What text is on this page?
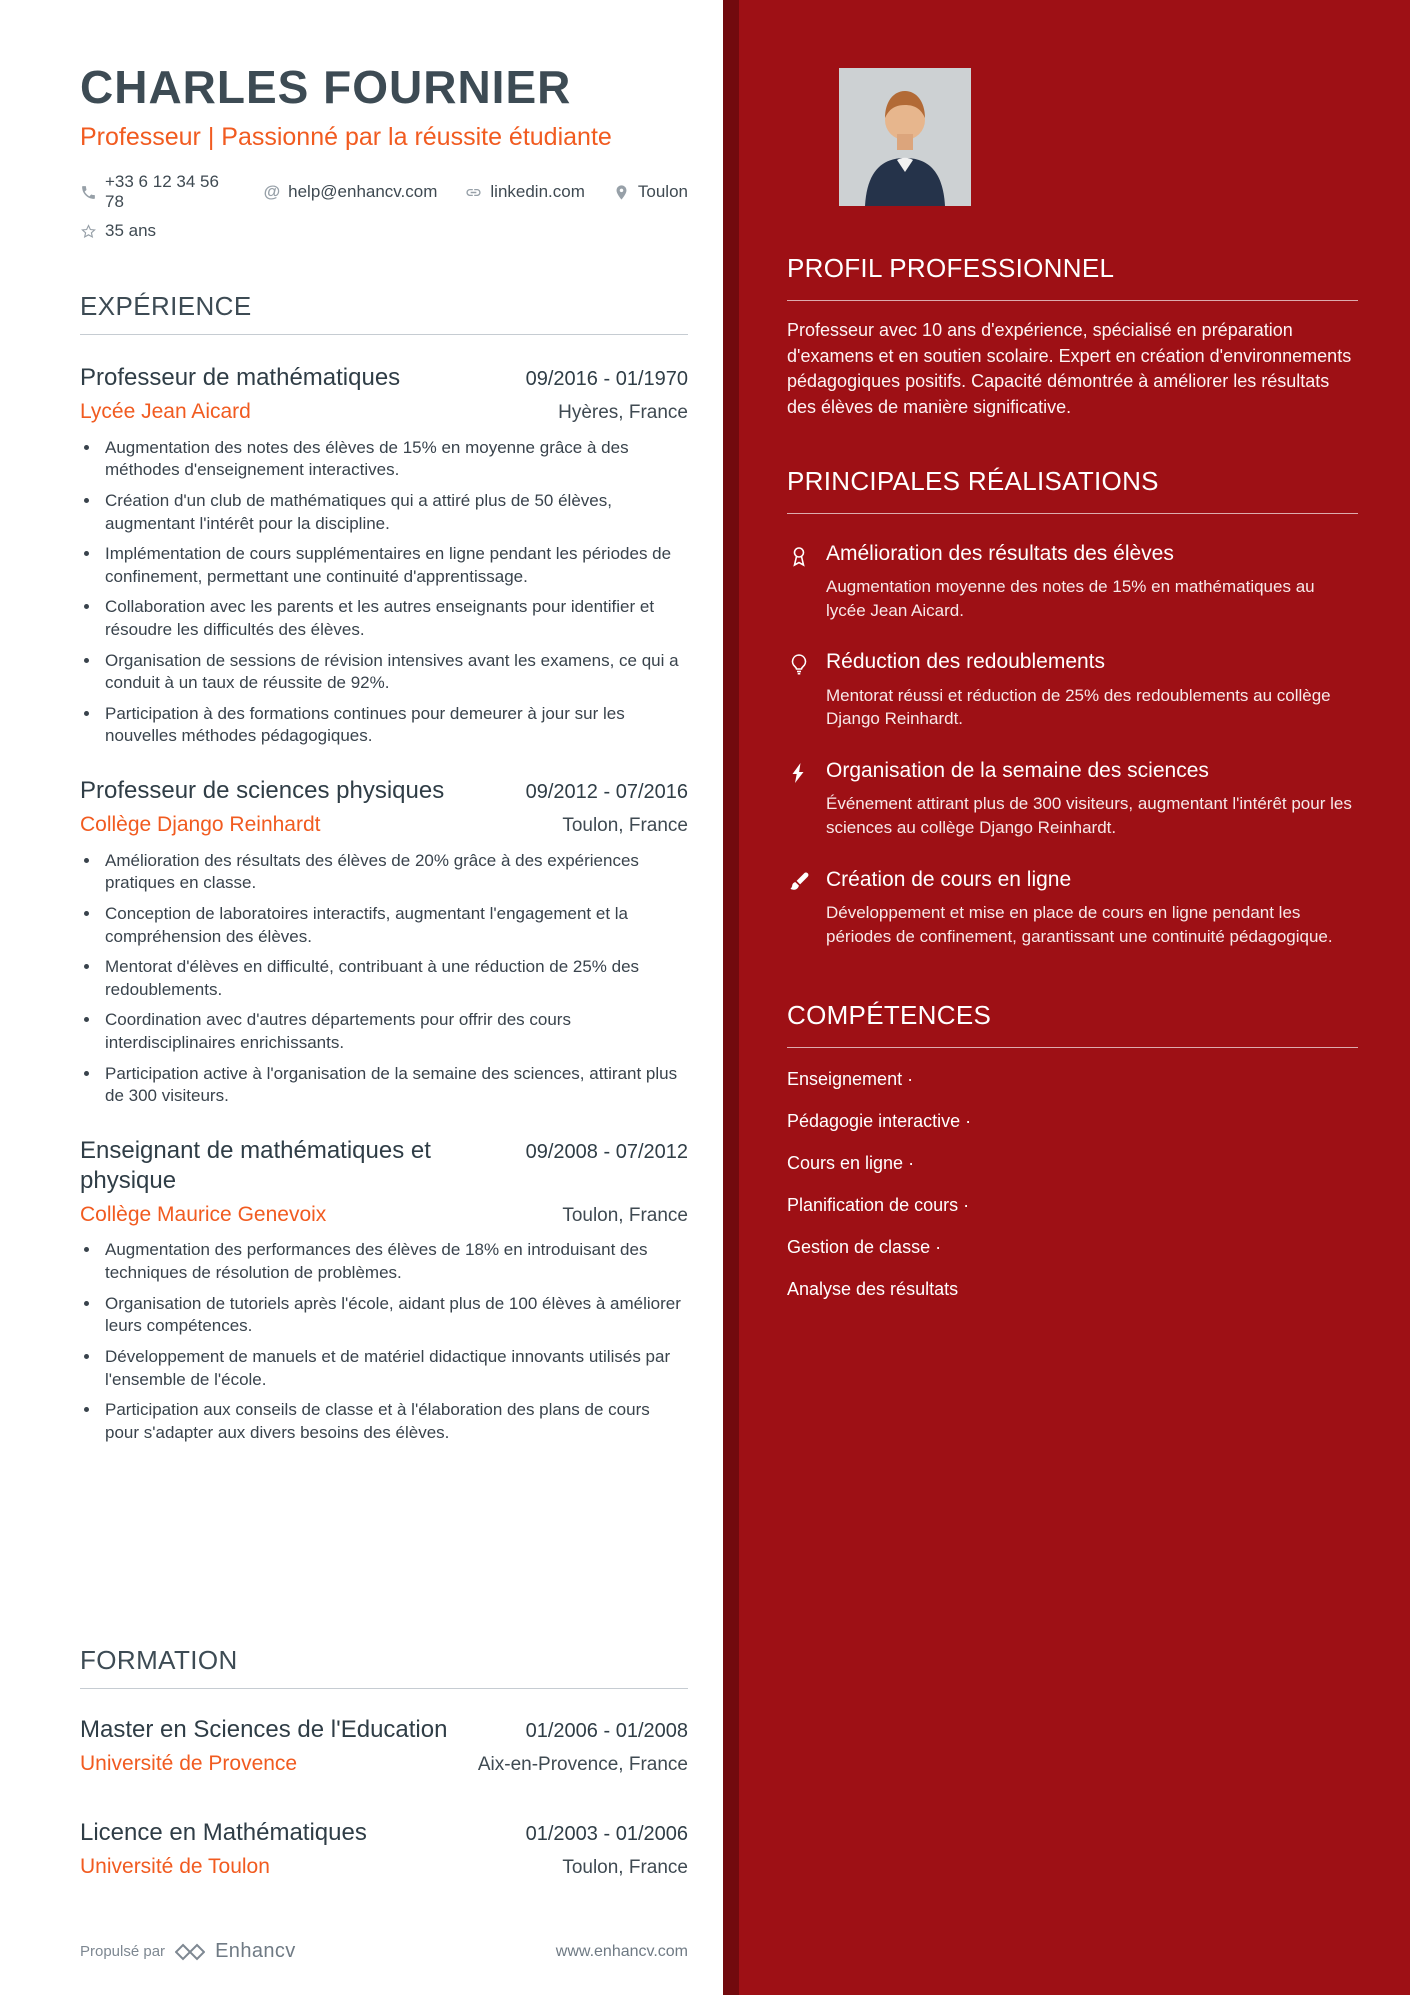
CHARLES FOURNIER
Professeur | Passionné par la réussite étudiante
+33 6 12 34 56 78
@ help@enhancv.com	linkedin.com	Toulon
35 ans
EXPÉRIENCE
Professeur de mathématiques	09/2016 - 01/1970
Lycée Jean Aicard	Hyères, France
• Augmentation des notes des élèves de 15% en moyenne grâce à des méthodes d'enseignement interactives.
• Création d'un club de mathématiques qui a attiré plus de 50 élèves, augmentant l'intérêt pour la discipline.
• Implémentation de cours supplémentaires en ligne pendant les périodes de confinement, permettant une continuité d'apprentissage.
• Collaboration avec les parents et les autres enseignants pour identifier et résoudre les difficultés des élèves.
• Organisation de sessions de révision intensives avant les examens, ce qui a conduit à un taux de réussite de 92%.
• Participation à des formations continues pour demeurer à jour sur les nouvelles méthodes pédagogiques.
Professeur de sciences physiques	09/2012 - 07/2016
Collège Django Reinhardt	Toulon, France
• Amélioration des résultats des élèves de 20% grâce à des expériences pratiques en classe.
• Conception de laboratoires interactifs, augmentant l'engagement et la compréhension des élèves.
• Mentorat d'élèves en difficulté, contribuant à une réduction de 25% des redoublements.
• Coordination avec d'autres départements pour offrir des cours interdisciplinaires enrichissants.
• Participation active à l'organisation de la semaine des sciences, attirant plus de 300 visiteurs.
Enseignant de mathématiques et physique
09/2008 - 07/2012
Collège Maurice Genevoix	Toulon, France
• Augmentation des performances des élèves de 18% en introduisant des techniques de résolution de problèmes.
• Organisation de tutoriels après l'école, aidant plus de 100 élèves à améliorer leurs compétences.
• Développement de manuels et de matériel didactique innovants utilisés par l'ensemble de l'école.
• Participation aux conseils de classe et à l'élaboration des plans de cours pour s'adapter aux divers besoins des élèves.
FORMATION
Master en Sciences de l'Education	01/2006 - 01/2008
Université de Provence	Aix-en-Provence, France
Licence en Mathématiques	01/2003 - 01/2006
Université de Toulon	Toulon, France
Propulsé par	Enhancv	www.enhancv.com
PROFIL PROFESSIONNEL

Professeur avec 10 ans d'expérience, spécialisé en préparation d'examens et en soutien scolaire. Expert en création d'environnements pédagogiques positifs. Capacité démontrée à améliorer les résultats des élèves de manière significative.

PRINCIPALES RÉALISATIONS
Amélioration des résultats des élèves
Augmentation moyenne des notes de 15% en mathématiques au lycée Jean Aicard.
Réduction des redoublements
Mentorat réussi et réduction de 25% des redoublements au collège Django Reinhardt.
Organisation de la semaine des sciences
Événement attirant plus de 300 visiteurs, augmentant l'intérêt pour les sciences au collège Django Reinhardt.
Création de cours en ligne
Développement et mise en place de cours en ligne pendant les périodes de confinement, garantissant une continuité pédagogique.
COMPÉTENCES
Enseignement ·
Pédagogie interactive ·
Cours en ligne ·
Planification de cours ·
Gestion de classe ·
Analyse des résultats
